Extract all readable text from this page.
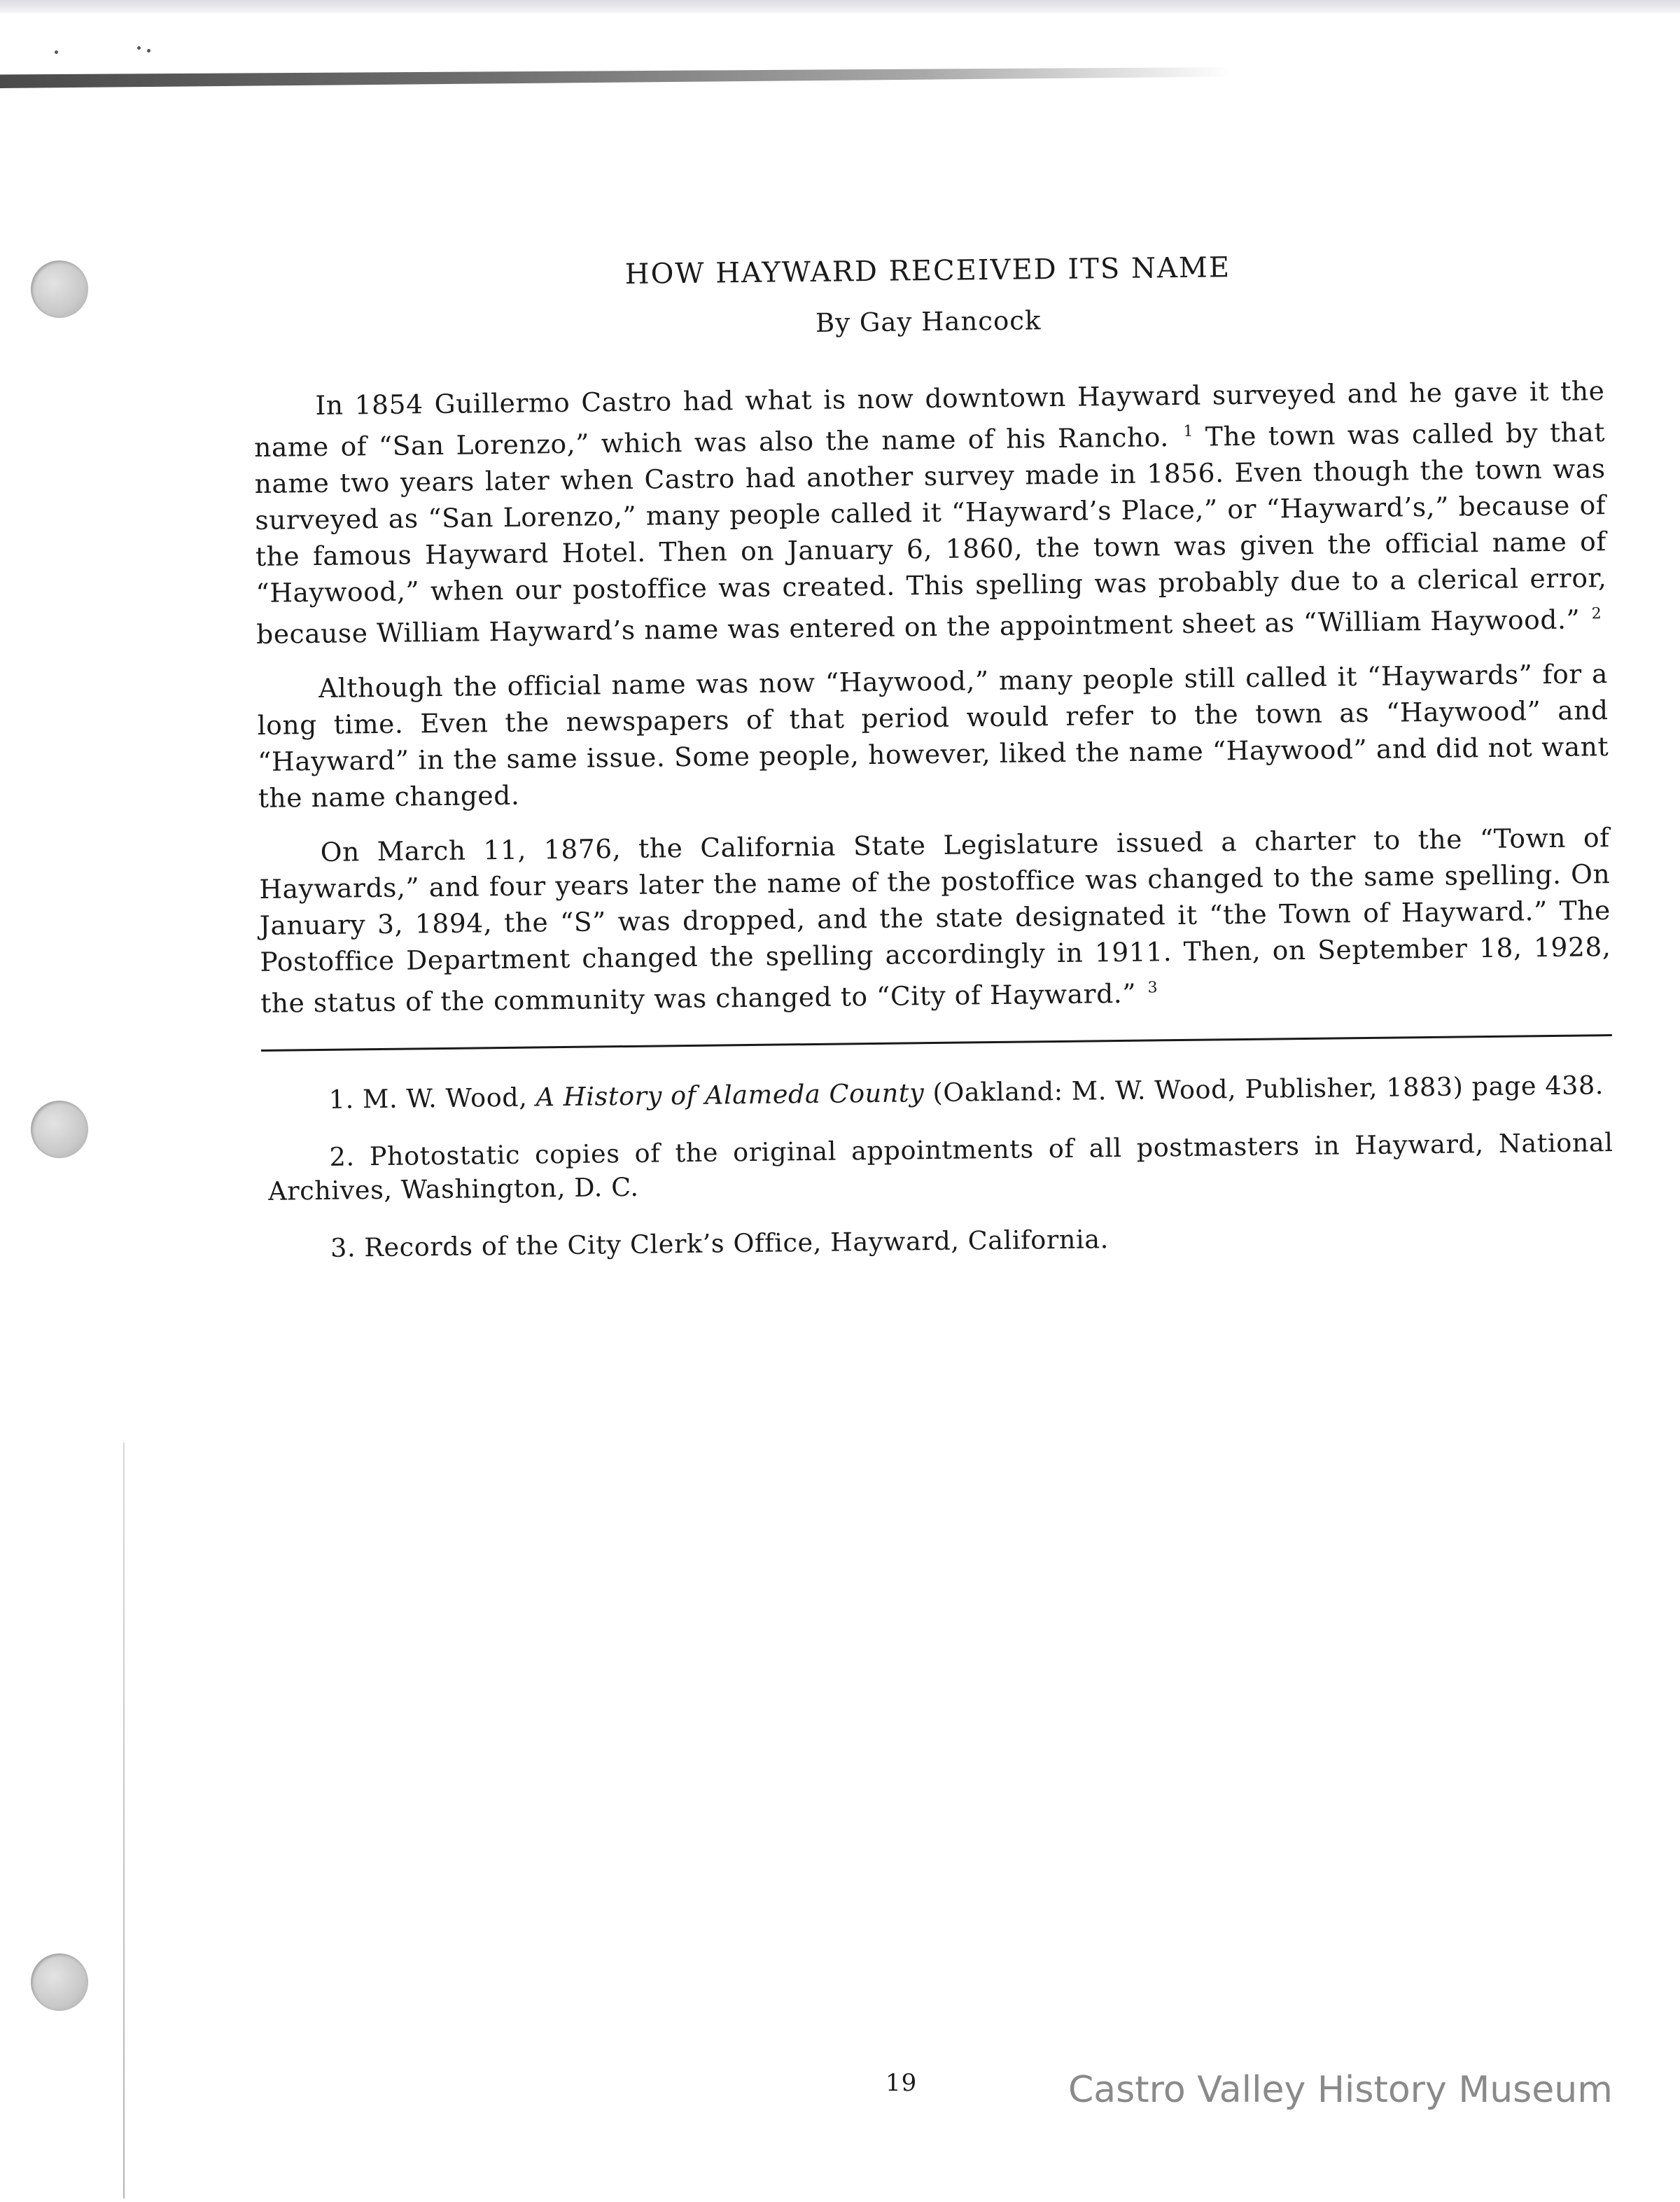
HOW HAYWARD RECEIVED ITS NAME
By Gay Hancock

In 1854 Guillermo Castro had what is now downtown Hayward surveyed and he gave it the name of “San Lorenzo,” which was also the name of his Rancho. $^1$ The town was called by that name two years later when Castro had another survey made in 1856. Even though the town was surveyed as “San Lorenzo,” many people called it “Hayward’s Place,” or “Hayward’s,” because of the famous Hayward Hotel. Then on January 6, 1860, the town was given the official name of “Haywood,” when our postoffice was created. This spelling was probably due to a clerical error, because William Hayward’s name was entered on the appointment sheet as “William Haywood.” $^2$

Although the official name was now “Haywood,” many people still called it “Haywards” for a long time. Even the newspapers of that period would refer to the town as “Haywood” and “Hayward” in the same issue. Some people, however, liked the name “Haywood” and did not want the name changed.

On March 11, 1876, the California State Legislature issued a charter to the “Town of Haywards,” and four years later the name of the postoffice was changed to the same spelling. On January 3, 1894, the “S” was dropped, and the state designated it “the Town of Hayward.” The Postoffice Department changed the spelling accordingly in 1911. Then, on September 18, 1928, the status of the community was changed to “City of Hayward.” $^3$

1. M. W. Wood, A History of Alameda County (Oakland: M. W. Wood, Publisher, 1883) page 438.

2. Photostatic copies of the original appointments of all postmasters in Hayward, National Archives, Washington, D. C.

3. Records of the City Clerk’s Office, Hayward, California.

19	Castro Valley History Museum
